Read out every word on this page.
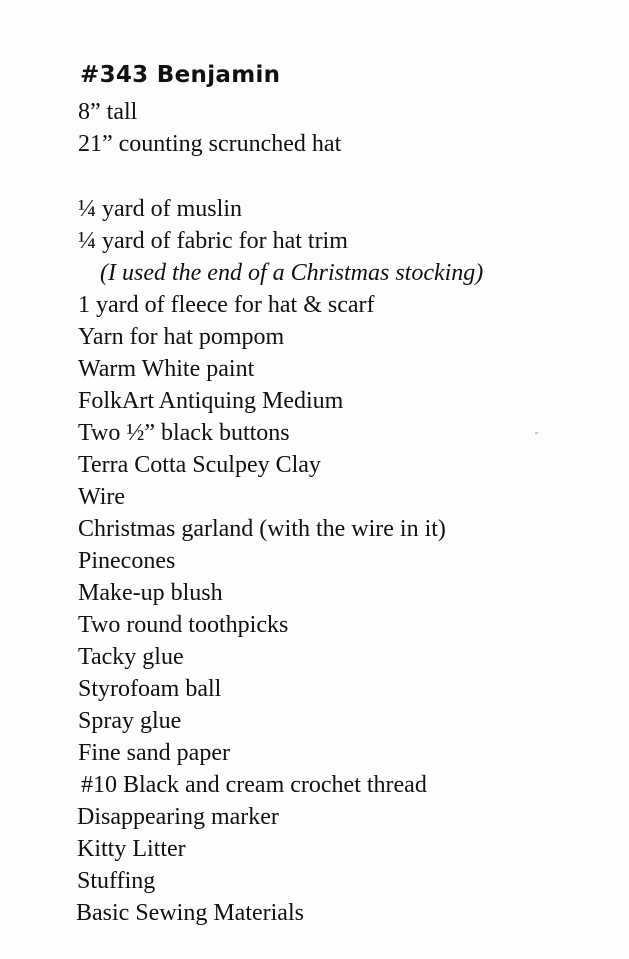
#343 Benjamin
8” tall
21” counting scrunched hat
¼ yard of muslin
¼ yard of fabric for hat trim
(I used the end of a Christmas stocking)
1 yard of fleece for hat & scarf
Yarn for hat pompom
Warm White paint
FolkArt Antiquing Medium
Two ½” black buttons
Terra Cotta Sculpey Clay
Wire
Christmas garland (with the wire in it)
Pinecones
Make-up blush
Two round toothpicks
Tacky glue
Styrofoam ball
Spray glue
Fine sand paper
#10 Black and cream crochet thread
Disappearing marker
Kitty Litter
Stuffing
Basic Sewing Materials
